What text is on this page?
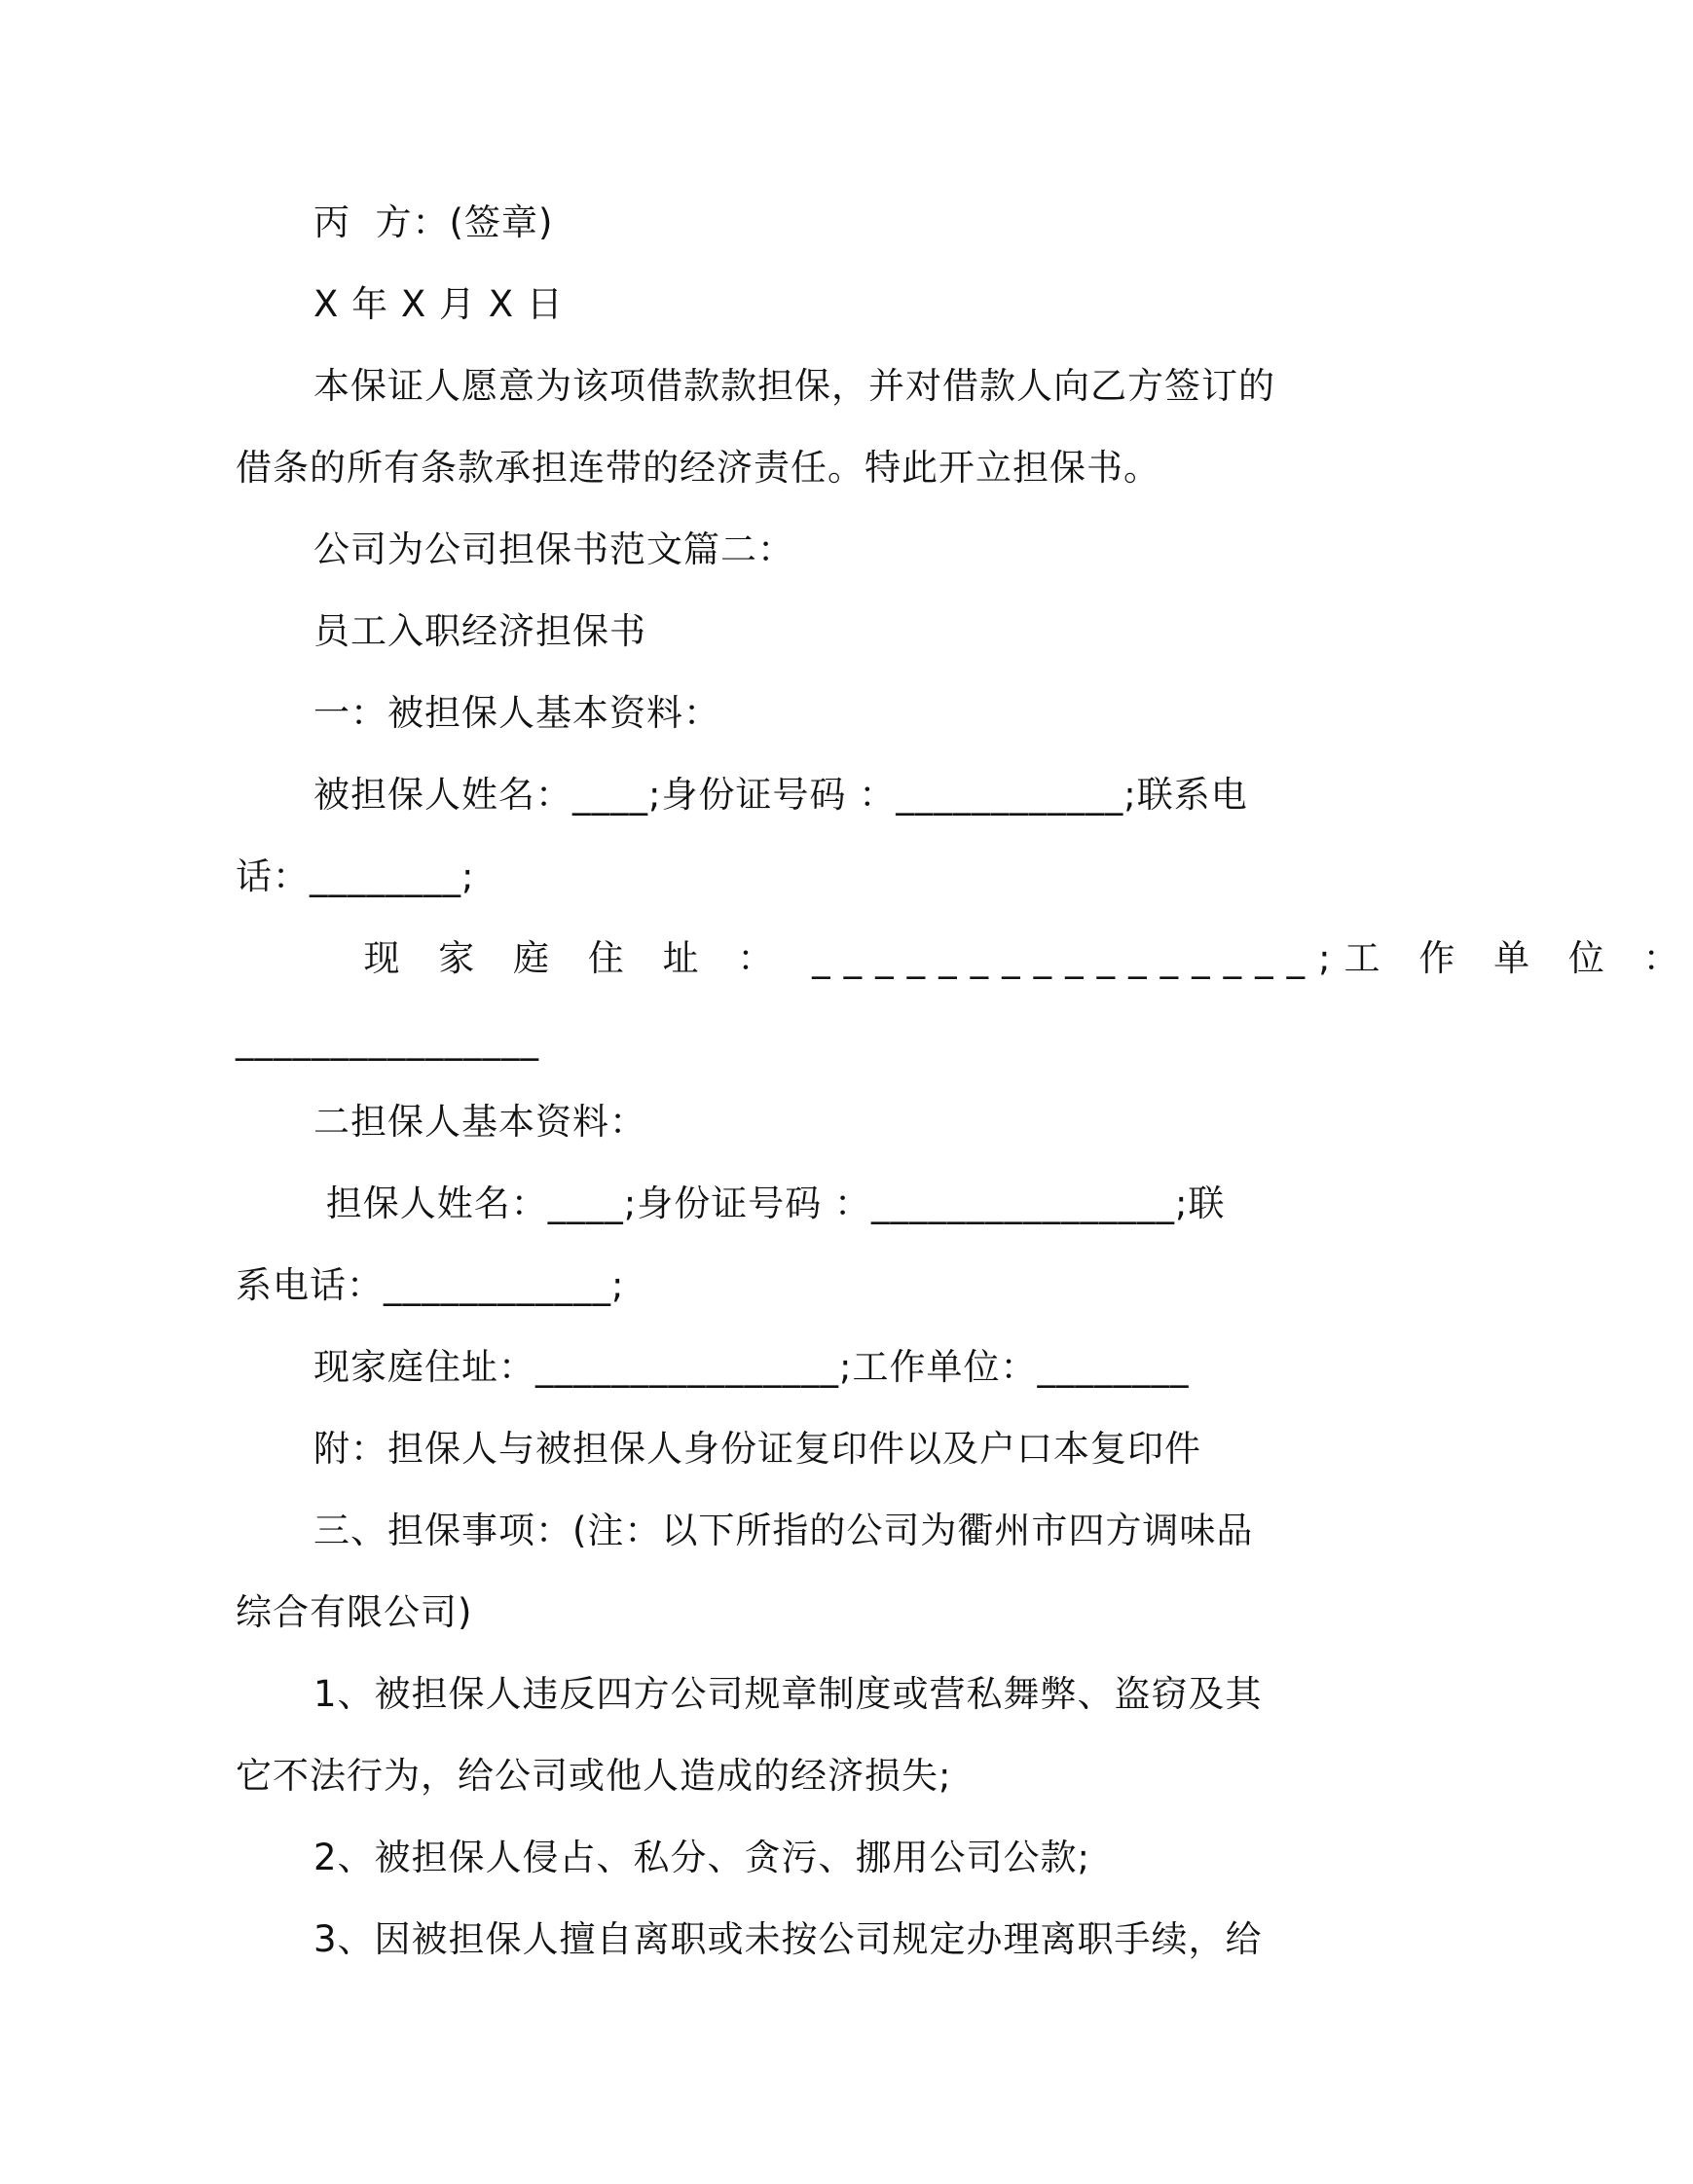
丙  方：(签章)
X 年 X 月 X 日
本保证人愿意为该项借款款担保，并对借款人向乙方签订的
借条的所有条款承担连带的经济责任。特此开立担保书。
公司为公司担保书范文篇二：
员工入职经济担保书
一：被担保人基本资料：
被担保人姓名：____;身份证号码 ：____________;联系电
话：________;
现 家 庭 住 址 ： ________________;工 作 单 位 ：
________________
二担保人基本资料：
担保人姓名：____;身份证号码 ：________________;联
系电话：____________;
现家庭住址：________________;工作单位：________
附：担保人与被担保人身份证复印件以及户口本复印件
三、担保事项：(注：以下所指的公司为衢州市四方调味品
综合有限公司)
1、被担保人违反四方公司规章制度或营私舞弊、盗窃及其
它不法行为，给公司或他人造成的经济损失;
2、被担保人侵占、私分、贪污、挪用公司公款;
3、因被担保人擅自离职或未按公司规定办理离职手续，给
